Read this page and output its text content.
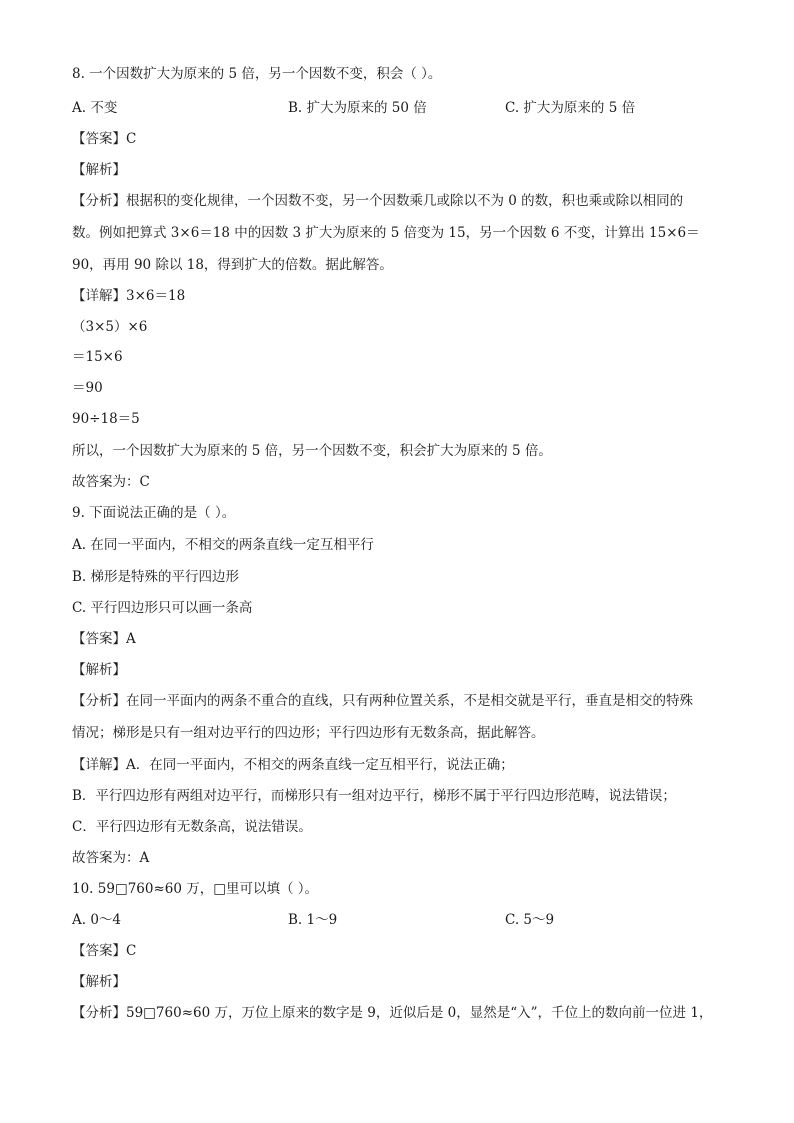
8. 一个因数扩大为原来的 5 倍，另一个因数不变，积会（ ）。
A. 不变	B. 扩大为原来的 50 倍	C. 扩大为原来的 5 倍
【答案】C
【解析】
【分析】根据积的变化规律，一个因数不变，另一个因数乘几或除以不为 0 的数，积也乘或除以相同的
数。例如把算式 3×6＝18 中的因数 3 扩大为原来的 5 倍变为 15，另一个因数 6 不变，计算出 15×6＝
90，再用 90 除以 18，得到扩大的倍数。据此解答。
【详解】3×6＝18
（3×5）×6
＝15×6
＝90
90÷18＝5
所以，一个因数扩大为原来的 5 倍，另一个因数不变，积会扩大为原来的 5 倍。
故答案为：C
9. 下面说法正确的是（ ）。
A. 在同一平面内，不相交的两条直线一定互相平行
B. 梯形是特殊的平行四边形
C. 平行四边形只可以画一条高
【答案】A
【解析】
【分析】在同一平面内的两条不重合的直线，只有两种位置关系，不是相交就是平行，垂直是相交的特殊
情况；梯形是只有一组对边平行的四边形；平行四边形有无数条高，据此解答。
【详解】A．在同一平面内，不相交的两条直线一定互相平行，说法正确；
B．平行四边形有两组对边平行，而梯形只有一组对边平行，梯形不属于平行四边形范畴，说法错误；
C．平行四边形有无数条高，说法错误。
故答案为：A
10. 59□760≈60 万，□里可以填（ ）。
A. 0～4	B. 1～9	C. 5～9
【答案】C
【解析】
【分析】59□760≈60 万，万位上原来的数字是 9，近似后是 0，显然是“入”，千位上的数向前一位进 1，
